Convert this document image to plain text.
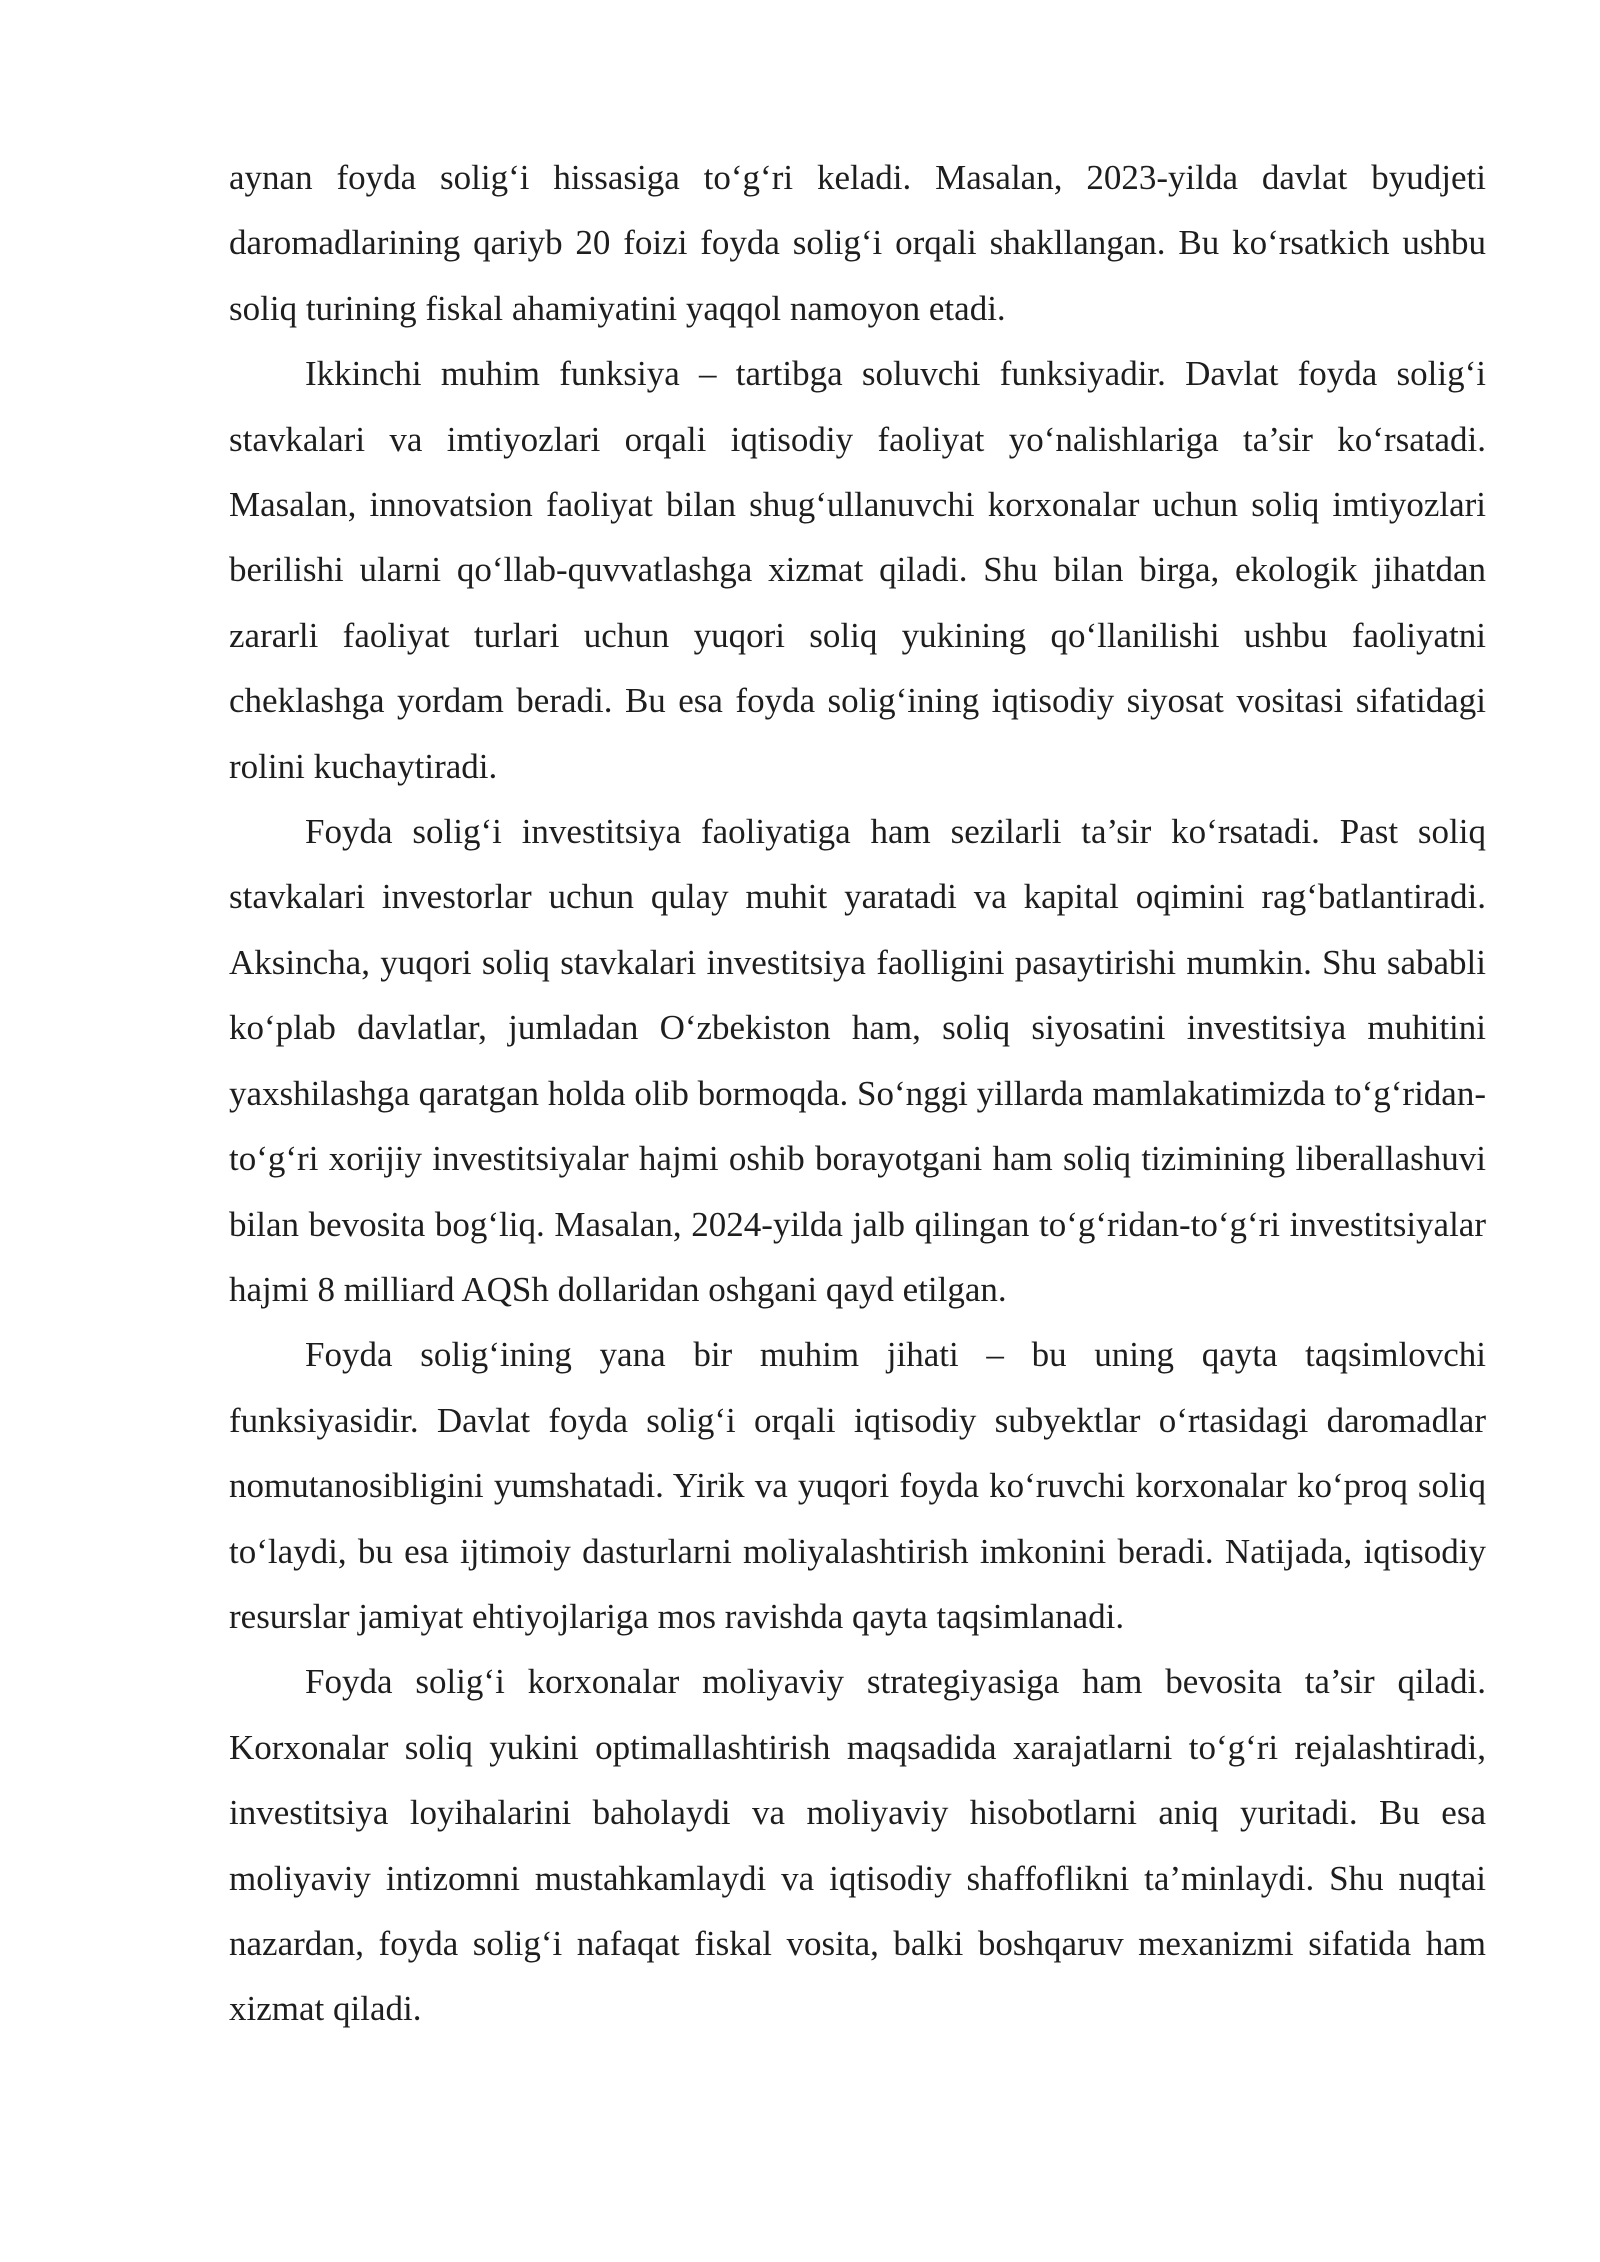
aynan foyda solig‘i hissasiga to‘g‘ri keladi. Masalan, 2023-yilda davlat byudjeti daromadlarining qariyb 20 foizi foyda solig‘i orqali shakllangan. Bu ko‘rsatkich ushbu soliq turining fiskal ahamiyatini yaqqol namoyon etadi.

Ikkinchi muhim funksiya – tartibga soluvchi funksiyadir. Davlat foyda solig‘i stavkalari va imtiyozlari orqali iqtisodiy faoliyat yo‘nalishlariga ta’sir ko‘rsatadi. Masalan, innovatsion faoliyat bilan shug‘ullanuvchi korxonalar uchun soliq imtiyozlari berilishi ularni qo‘llab-quvvatlashga xizmat qiladi. Shu bilan birga, ekologik jihatdan zararli faoliyat turlari uchun yuqori soliq yukining qo‘llanilishi ushbu faoliyatni cheklashga yordam beradi. Bu esa foyda solig‘ining iqtisodiy siyosat vositasi sifatidagi rolini kuchaytiradi.

Foyda solig‘i investitsiya faoliyatiga ham sezilarli ta’sir ko‘rsatadi. Past soliq stavkalari investorlar uchun qulay muhit yaratadi va kapital oqimini rag‘batlantiradi. Aksincha, yuqori soliq stavkalari investitsiya faolligini pasaytirishi mumkin. Shu sababli ko‘plab davlatlar, jumladan O‘zbekiston ham, soliq siyosatini investitsiya muhitini yaxshilashga qaratgan holda olib bormoqda. So‘nggi yillarda mamlakatimizda to‘g‘ridan-to‘g‘ri xorijiy investitsiyalar hajmi oshib borayotgani ham soliq tizimining liberallashuvi bilan bevosita bog‘liq. Masalan, 2024-yilda jalb qilingan to‘g‘ridan-to‘g‘ri investitsiyalar hajmi 8 milliard AQSh dollaridan oshgani qayd etilgan.

Foyda solig‘ining yana bir muhim jihati – bu uning qayta taqsimlovchi funksiyasidir. Davlat foyda solig‘i orqali iqtisodiy subyektlar o‘rtasidagi daromadlar nomutanosibligini yumshatadi. Yirik va yuqori foyda ko‘ruvchi korxonalar ko‘proq soliq to‘laydi, bu esa ijtimoiy dasturlarni moliyalashtirish imkonini beradi. Natijada, iqtisodiy resurslar jamiyat ehtiyojlariga mos ravishda qayta taqsimlanadi.

Foyda solig‘i korxonalar moliyaviy strategiyasiga ham bevosita ta’sir qiladi. Korxonalar soliq yukini optimallashtirish maqsadida xarajatlarni to‘g‘ri rejalashtiradi, investitsiya loyihalarini baholaydi va moliyaviy hisobotlarni aniq yuritadi. Bu esa moliyaviy intizomni mustahkamlaydi va iqtisodiy shaffoflikni ta’minlaydi. Shu nuqtai nazardan, foyda solig‘i nafaqat fiskal vosita, balki boshqaruv mexanizmi sifatida ham xizmat qiladi.
